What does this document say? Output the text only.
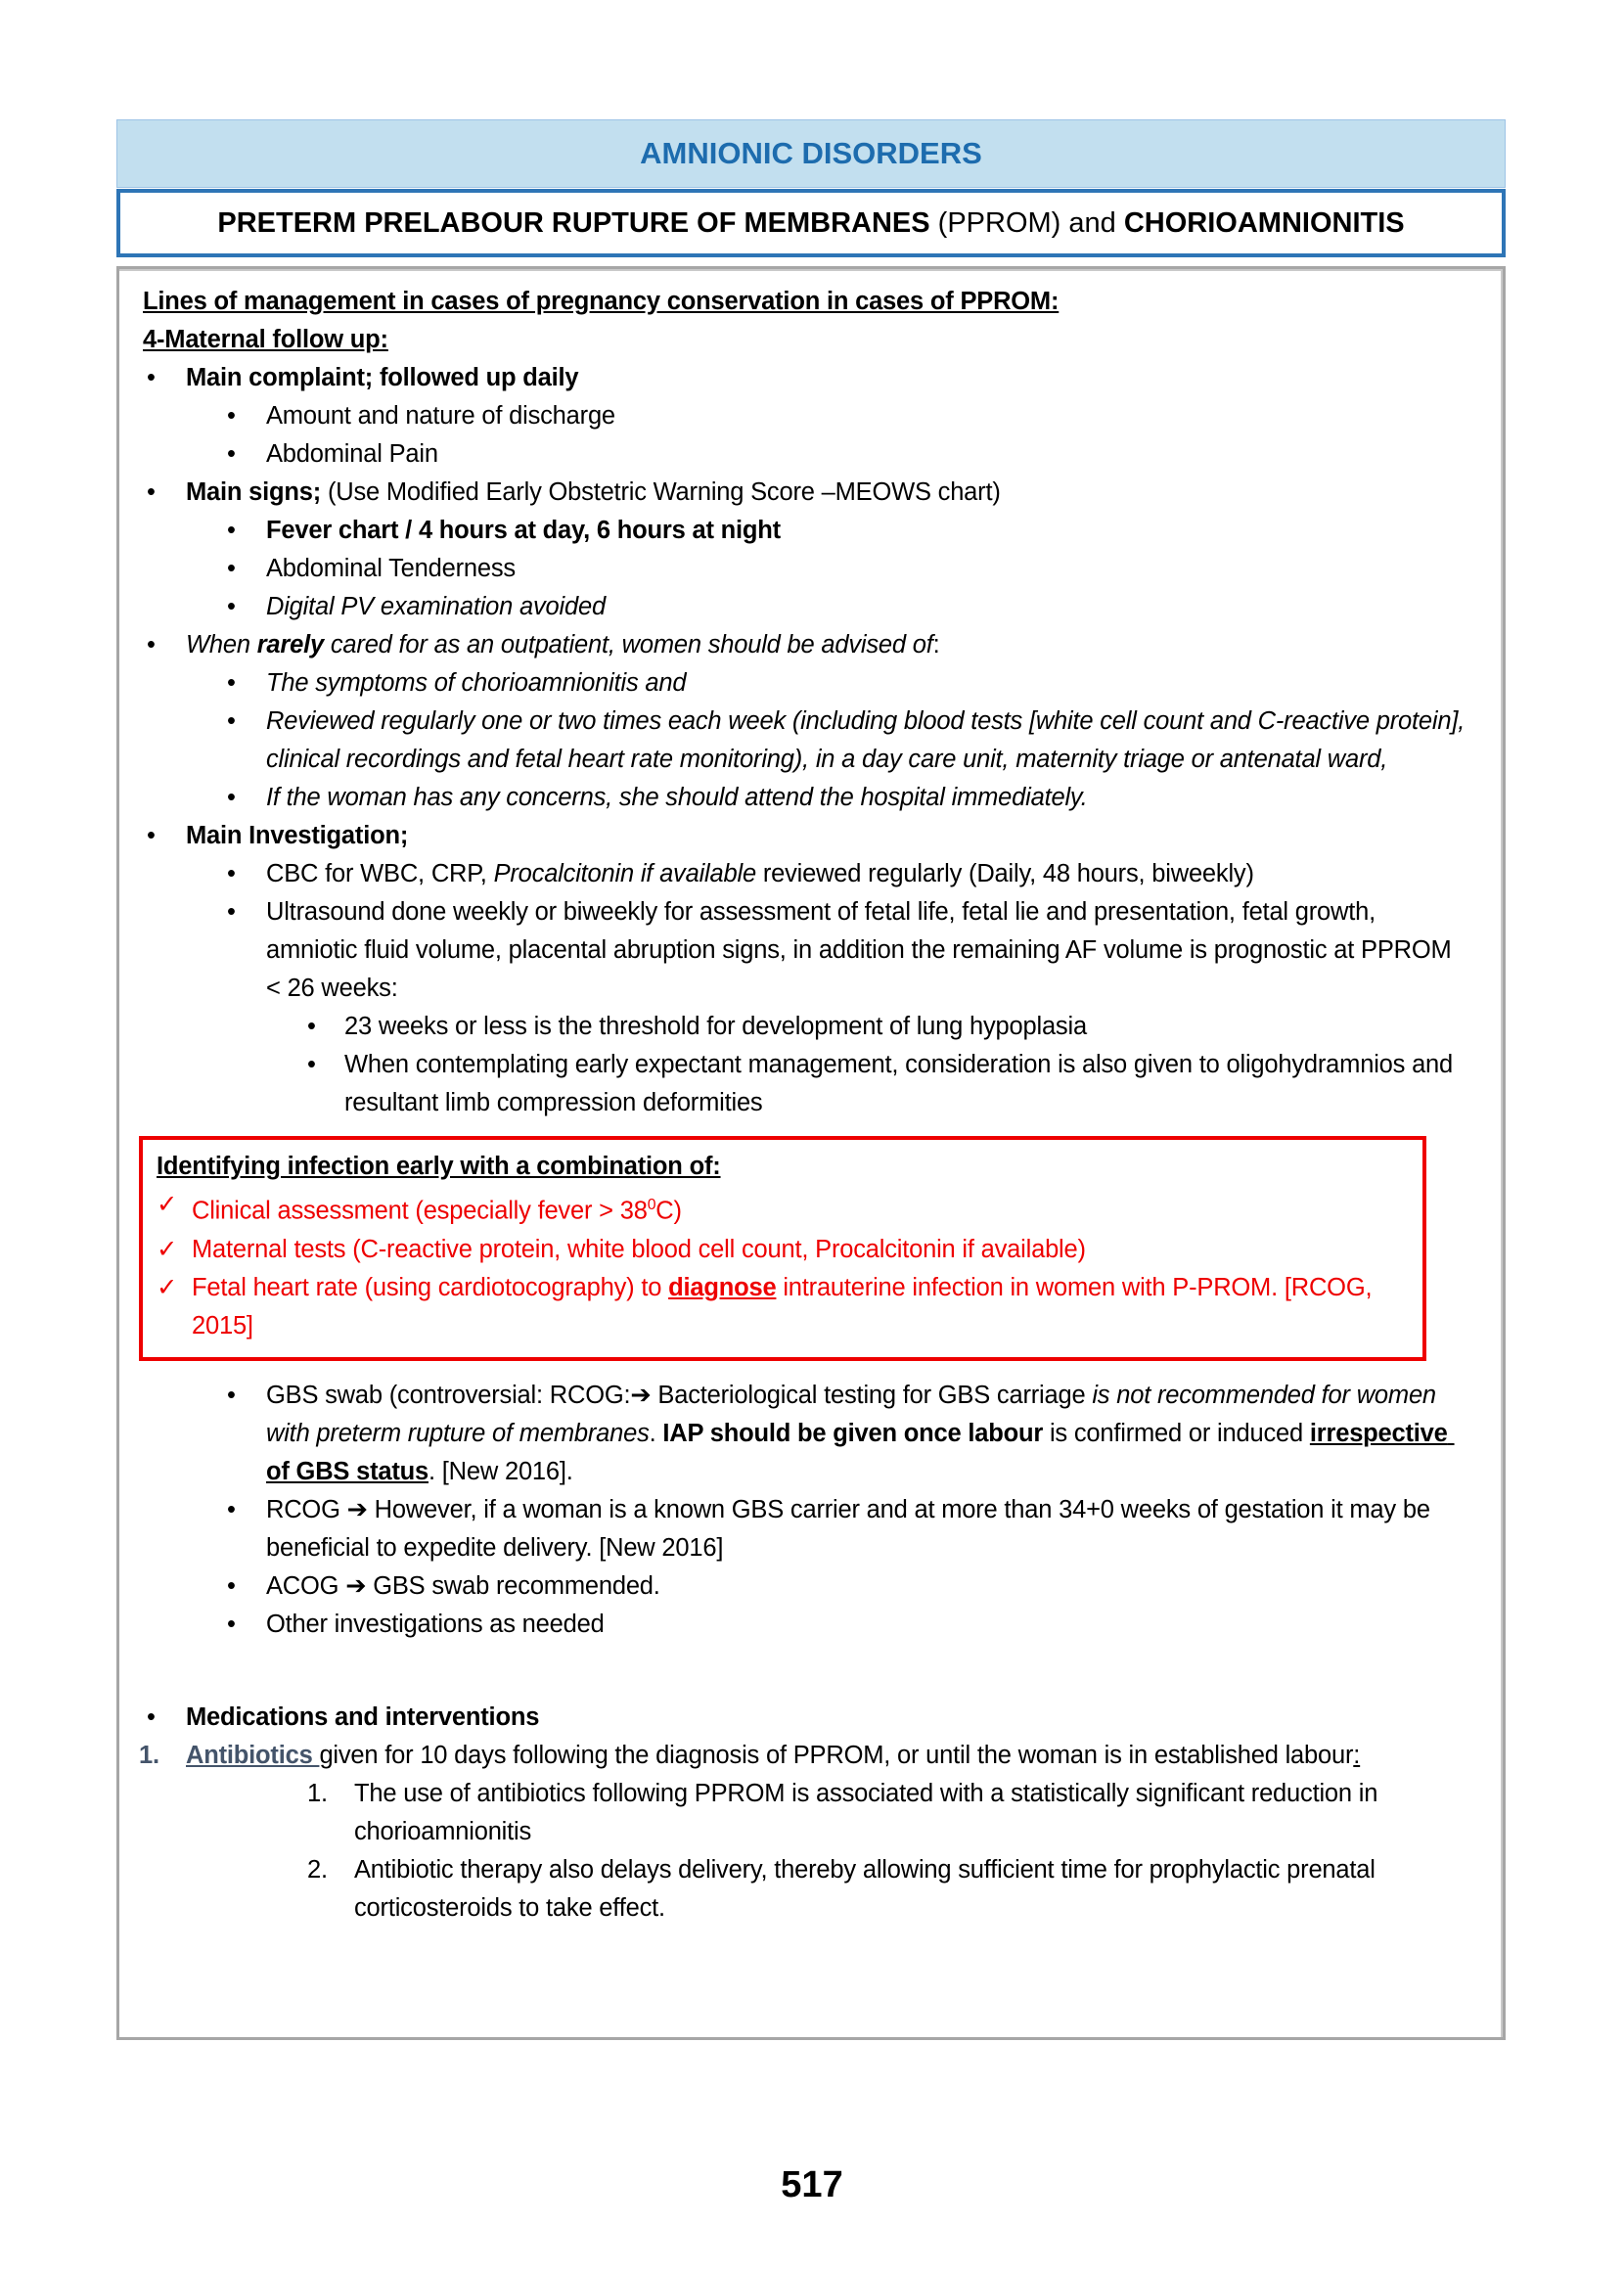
AMNIONIC DISORDERS
PRETERM PRELABOUR RUPTURE OF MEMBRANES (PPROM) and CHORIOAMNIONITIS
Lines of management in cases of pregnancy conservation in cases of PPROM:
4-Maternal follow up:
•	Main complaint; followed up daily
•	Amount and nature of discharge
•	Abdominal Pain
•	Main signs; (Use Modified Early Obstetric Warning Score –MEOWS chart)
•	Fever chart / 4 hours at day, 6 hours at night
•	Abdominal Tenderness
•	Digital PV examination avoided
•	When rarely cared for as an outpatient, women should be advised of:
•	The symptoms of chorioamnionitis and
•	Reviewed regularly one or two times each week (including blood tests [white cell count and C-reactive protein], clinical recordings and fetal heart rate monitoring), in a day care unit, maternity triage or antenatal ward,
•	If the woman has any concerns, she should attend the hospital immediately.
•	Main Investigation;
•	CBC for WBC, CRP, Procalcitonin if available reviewed regularly (Daily, 48 hours, biweekly)
•	Ultrasound done weekly or biweekly for assessment of fetal life, fetal lie and presentation, fetal growth, amniotic fluid volume, placental abruption signs, in addition the remaining AF volume is prognostic at PPROM < 26 weeks:
•	23 weeks or less is the threshold for development of lung hypoplasia
•	When contemplating early expectant management, consideration is also given to oligohydramnios and resultant limb compression deformities
Identifying infection early with a combination of:
✓ Clinical assessment (especially fever > $38^0C$)
✓ Maternal tests (C-reactive protein, white blood cell count, Procalcitonin if available)
✓ Fetal heart rate (using cardiotocography) to diagnose intrauterine infection in women with P-PROM. [RCOG, 2015]
•	GBS swab (controversial: RCOG:➔ Bacteriological testing for GBS carriage is not recommended for women with preterm rupture of membranes. IAP should be given once labour is confirmed or induced irrespective of GBS status. [New 2016].
•	RCOG ➔ However, if a woman is a known GBS carrier and at more than 34+0 weeks of gestation it may be beneficial to expedite delivery. [New 2016]
•	ACOG ➔ GBS swab recommended.
•	Other investigations as needed
•	Medications and interventions
1.	Antibiotics given for 10 days following the diagnosis of PPROM, or until the woman is in established labour:
1.	The use of antibiotics following PPROM is associated with a statistically significant reduction in chorioamnionitis
2.	Antibiotic therapy also delays delivery, thereby allowing sufficient time for prophylactic prenatal corticosteroids to take effect.
517
